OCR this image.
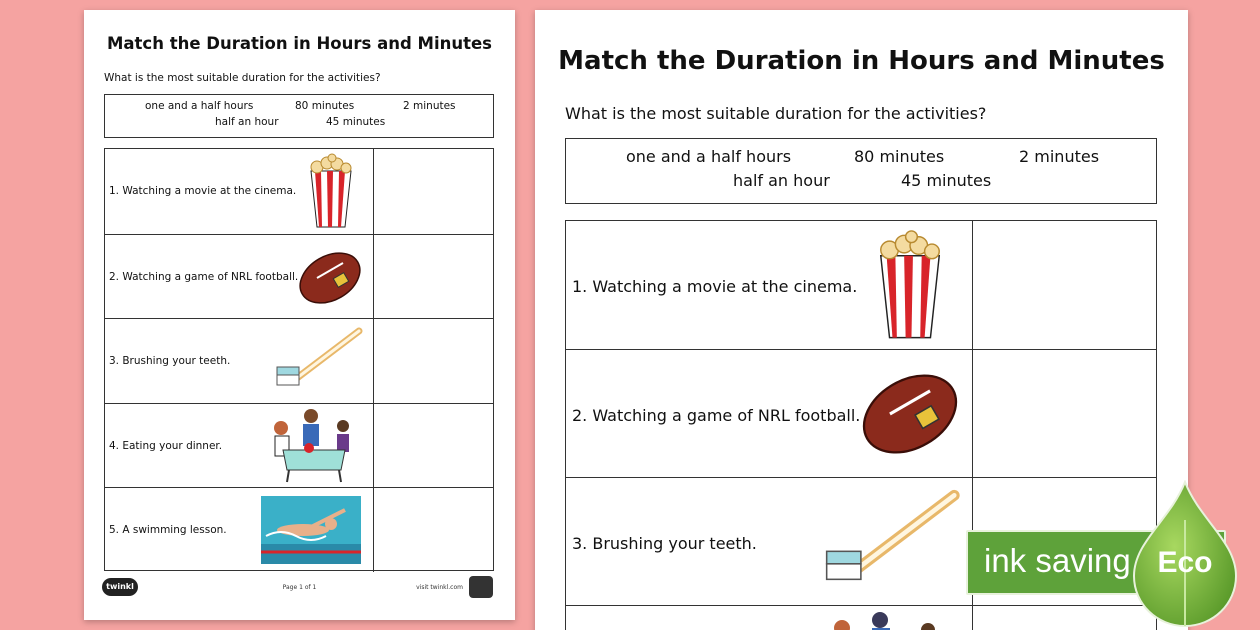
Match the Duration in Hours and Minutes
What is the most suitable duration for the activities?
one and a half hours	80 minutes	2 minutes
half an hour	45 minutes
1. Watching a movie at the cinema.
2. Watching a game of NRL football.
3. Brushing your teeth.
4. Eating your dinner.
5. A swimming lesson.
twinkl	Page 1 of 1	visit twinkl.com
Match the Duration in Hours and Minutes
What is the most suitable duration for the activities?
one and a half hours	80 minutes	2 minutes
half an hour	45 minutes
1. Watching a movie at the cinema.
2. Watching a game of NRL football.
3. Brushing your teeth.	ink saving Eco
